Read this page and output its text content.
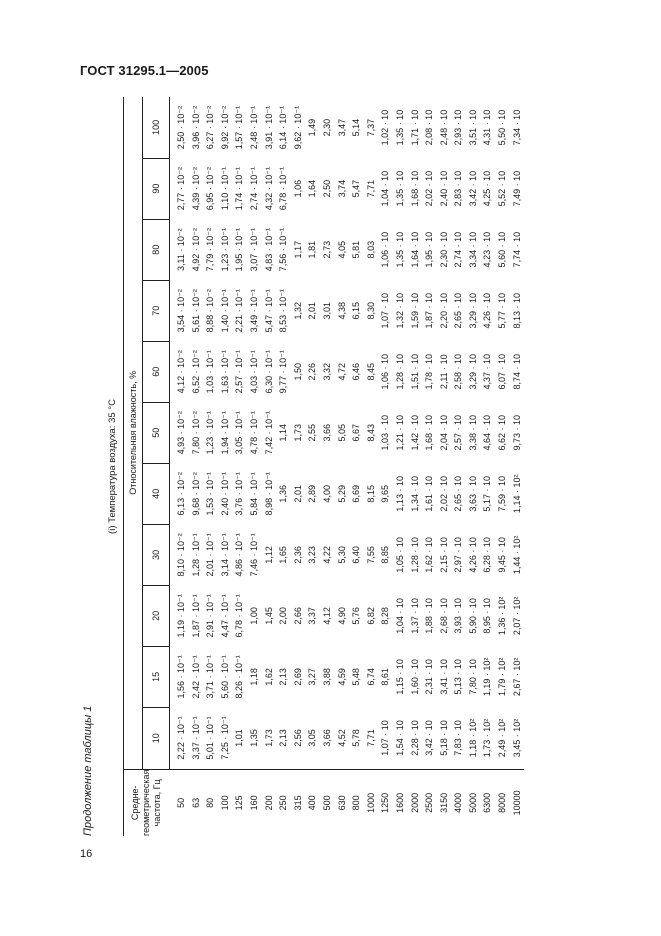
ГОСТ 31295.1—2005
Продолжение таблицы 1
(i) Температура воздуха: 35 °C											

Средне- геометрическая частота, Гц	Относительная влажность, %										
	10	15	20	30	40	50	60	70	80	90	100
50	2,22 · 10⁻¹	1,56 · 10⁻¹	1,19 · 10⁻¹	8,10 · 10⁻²	6,13 · 10⁻²	4,93 · 10⁻²	4,12 · 10⁻²	3,54 · 10⁻²	3,11 · 10⁻²	2,77 · 10⁻²	2,50 · 10⁻²
63	3,37 · 10⁻¹	2,42 · 10⁻¹	1,87 · 10⁻¹	1,28 · 10⁻¹	9,68 · 10⁻²	7,80 · 10⁻²	6,52 · 10⁻²	5,61 · 10⁻²	4,92 · 10⁻²	4,39 · 10⁻²	3,96 · 10⁻²
80	5,01 · 10⁻¹	3,71 · 10⁻¹	2,91 · 10⁻¹	2,01 · 10⁻¹	1,53 · 10⁻¹	1,23 · 10⁻¹	1,03 · 10⁻¹	8,88 · 10⁻²	7,79 · 10⁻²	6,95 · 10⁻²	6,27 · 10⁻²
100	7,25 · 10⁻¹	5,60 · 10⁻¹	4,47 · 10⁻¹	3,14 · 10⁻¹	2,40 · 10⁻¹	1,94 · 10⁻¹	1,63 · 10⁻¹	1,40 · 10⁻¹	1,23 · 10⁻¹	1,10 · 10⁻¹	9,92 · 10⁻²
125	1,01	8,26 · 10⁻¹	6,78 · 10⁻¹	4,86 · 10⁻¹	3,76 · 10⁻¹	3,05 · 10⁻¹	2,57 · 10⁻¹	2,21 · 10⁻¹	1,95 · 10⁻¹	1,74 · 10⁻¹	1,57 · 10⁻¹
160	1,35	1,18	1,00	7,46 · 10⁻¹	5,84 · 10⁻¹	4,78 · 10⁻¹	4,03 · 10⁻¹	3,49 · 10⁻¹	3,07 · 10⁻¹	2,74 · 10⁻¹	2,48 · 10⁻¹
200	1,73	1,62	1,45	1,12	8,98 · 10⁻¹	7,42 · 10⁻¹	6,30 · 10⁻¹	5,47 · 10⁻¹	4,83 · 10⁻¹	4,32 · 10⁻¹	3,91 · 10⁻¹
250	2,13	2,13	2,00	1,65	1,36	1,14	9,77 · 10⁻¹	8,53 · 10⁻¹	7,56 · 10⁻¹	6,78 · 10⁻¹	6,14 · 10⁻¹
315	2,56	2,69	2,66	2,36	2,01	1,73	1,50	1,32	1,17	1,06	9,62 · 10⁻¹
400	3,05	3,27	3,37	3,23	2,89	2,55	2,26	2,01	1,81	1,64	1,49
500	3,66	3,88	4,12	4,22	4,00	3,66	3,32	3,01	2,73	2,50	2,30
630	4,52	4,59	4,90	5,30	5,29	5,05	4,72	4,38	4,05	3,74	3,47
800	5,78	5,48	5,76	6,40	6,69	6,67	6,46	6,15	5,81	5,47	5,14
1000	7,71	6,74	6,82	7,55	8,15	8,43	8,45	8,30	8,03	7,71	7,37
1250	1,07 · 10	8,61	8,28	8,85	9,65	1,03 · 10	1,06 · 10	1,07 · 10	1,06 · 10	1,04 · 10	1,02 · 10
1600	1,54 · 10	1,15 · 10	1,04 · 10	1,05 · 10	1,13 · 10	1,21 · 10	1,28 · 10	1,32 · 10	1,35 · 10	1,35 · 10	1,35 · 10
2000	2,28 · 10	1,60 · 10	1,37 · 10	1,28 · 10	1,34 · 10	1,42 · 10	1,51 · 10	1,59 · 10	1,64 · 10	1,68 · 10	1,71 · 10
2500	3,42 · 10	2,31 · 10	1,88 · 10	1,62 · 10	1,61 · 10	1,68 · 10	1,78 · 10	1,87 · 10	1,95 · 10	2,02 · 10	2,08 · 10
3150	5,18 · 10	3,41 · 10	2,68 · 10	2,15 · 10	2,02 · 10	2,04 · 10	2,11 · 10	2,20 · 10	2,30 · 10	2,40 · 10	2,48 · 10
4000	7,83 · 10	5,13 · 10	3,93 · 10	2,97 · 10	2,65 · 10	2,57 · 10	2,58 · 10	2,65 · 10	2,74 · 10	2,83 · 10	2,93 · 10
5000	1,18 · 10²	7,80 · 10	5,90 · 10	4,26 · 10	3,63 · 10	3,38 · 10	3,29 · 10	3,29 · 10	3,34 · 10	3,42 · 10	3,51 · 10
6300	1,73 · 10²	1,19 · 10²	8,95 · 10	6,28 · 10	5,17 · 10	4,64 · 10	4,37 · 10	4,26 · 10	4,23 · 10	4,25 · 10	4,31 · 10
8000	2,49 · 10²	1,79 · 10²	1,36 · 10²	9,45 · 10	7,59 · 10	6,62 · 10	6,07 · 10	5,77 · 10	5,60 · 10	5,52 · 10	5,50 · 10
10000	3,45 · 10²	2,67 · 10²	2,07 · 10²	1,44 · 10²	1,14 · 10²	9,73 · 10	8,74 · 10	8,13 · 10	7,74 · 10	7,49 · 10	7,34 · 10
16
